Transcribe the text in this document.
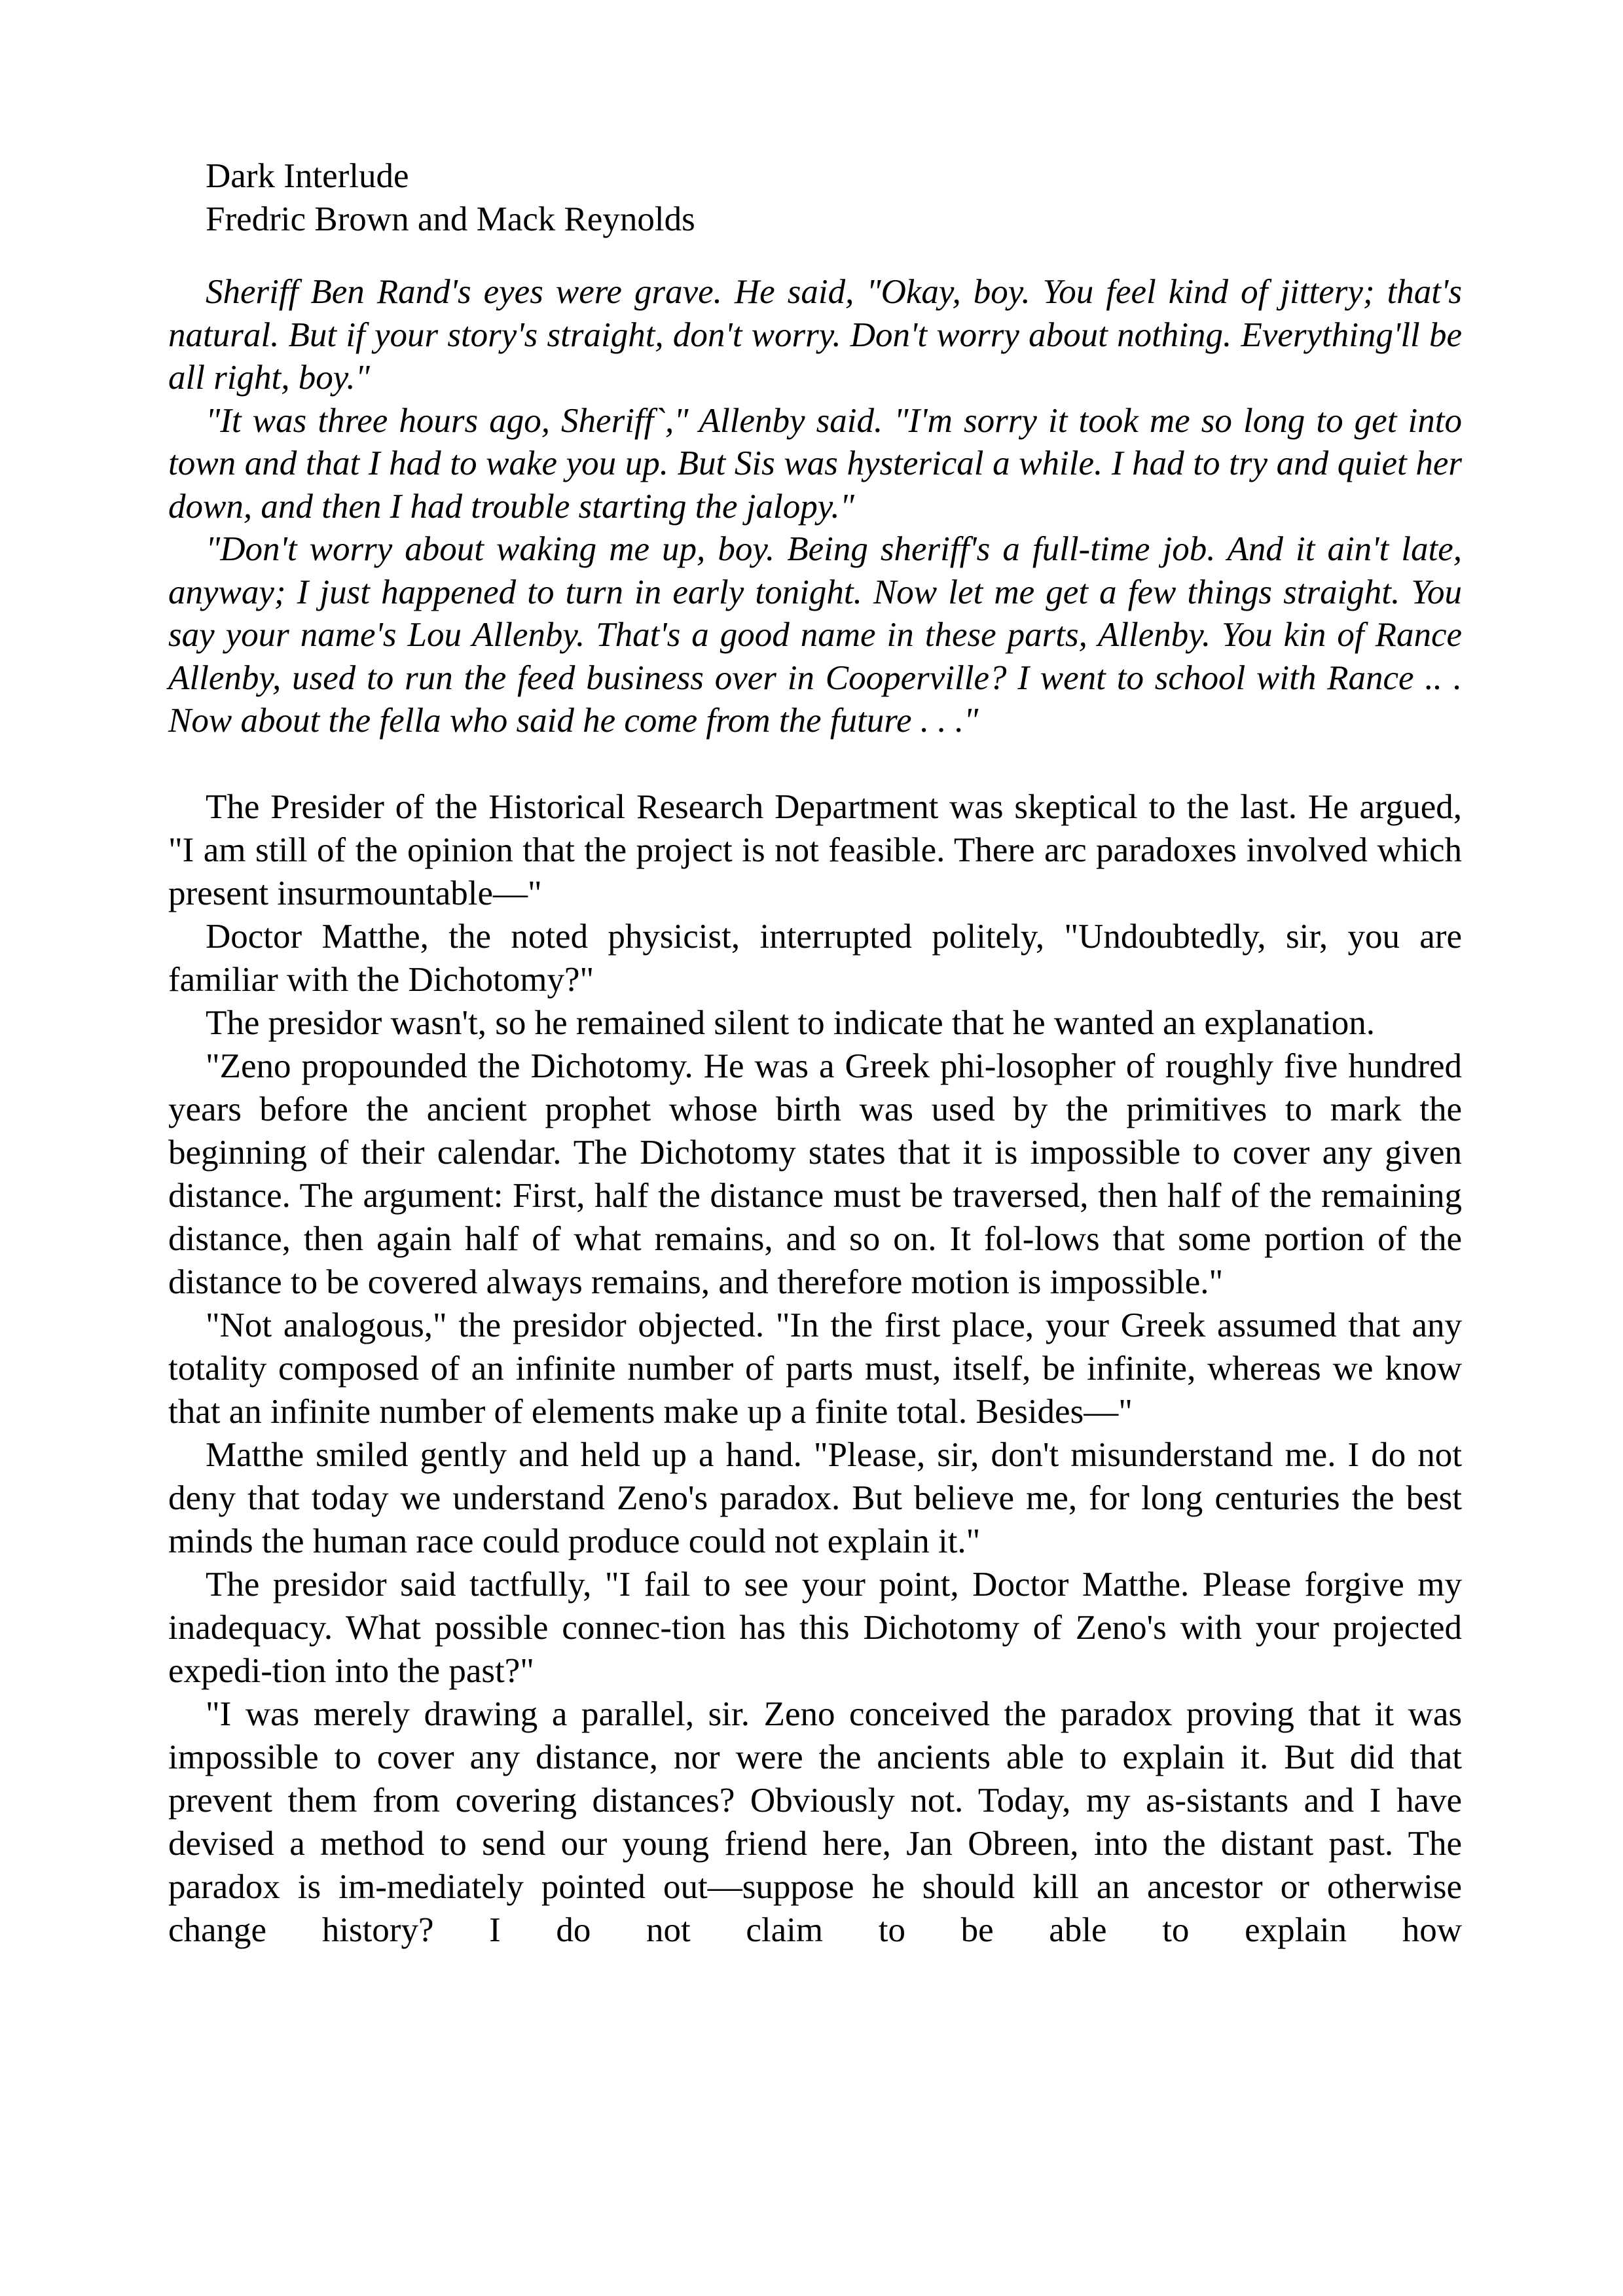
Dark Interlude
Fredric Brown and Mack Reynolds

Sheriff Ben Rand's eyes were grave. He said, "Okay, boy. You feel kind of jittery; that's natural. But if your story's straight, don't worry. Don't worry about nothing. Everything'll be all right, boy."

"It was three hours ago, Sheriff`," Allenby said. "I'm sorry it took me so long to get into town and that I had to wake you up. But Sis was hysterical a while. I had to try and quiet her down, and then I had trouble starting the jalopy."

"Don't worry about waking me up, boy. Being sheriff's a full-time job. And it ain't late, anyway; I just happened to turn in early tonight. Now let me get a few things straight. You say your name's Lou Allenby. That's a good name in these parts, Allenby. You kin of Rance Allenby, used to run the feed business over in Cooperville? I went to school with Rance .. . Now about the fella who said he come from the future . . ."

The Presider of the Historical Research Department was skeptical to the last. He argued, "I am still of the opinion that the project is not feasible. There arc paradoxes involved which present insurmountable—"

Doctor Matthe, the noted physicist, interrupted politely, "Undoubtedly, sir, you are familiar with the Dichotomy?"

The presidor wasn't, so he remained silent to indicate that he wanted an explanation.

"Zeno propounded the Dichotomy. He was a Greek phi-losopher of roughly five hundred years before the ancient prophet whose birth was used by the primitives to mark the beginning of their calendar. The Dichotomy states that it is impossible to cover any given distance. The argument: First, half the distance must be traversed, then half of the remaining distance, then again half of what remains, and so on. It fol-lows that some portion of the distance to be covered always remains, and therefore motion is impossible."

"Not analogous," the presidor objected. "In the first place, your Greek assumed that any totality composed of an infinite number of parts must, itself, be infinite, whereas we know that an infinite number of elements make up a finite total. Besides—"

Matthe smiled gently and held up a hand. "Please, sir, don't misunderstand me. I do not deny that today we understand Zeno's paradox. But believe me, for long centuries the best minds the human race could produce could not explain it."

The presidor said tactfully, "I fail to see your point, Doctor Matthe. Please forgive my inadequacy. What possible connec-tion has this Dichotomy of Zeno's with your projected expedi-tion into the past?"

"I was merely drawing a parallel, sir. Zeno conceived the paradox proving that it was impossible to cover any distance, nor were the ancients able to explain it. But did that prevent them from covering distances? Obviously not. Today, my as-sistants and I have devised a method to send our young friend here, Jan Obreen, into the distant past. The paradox is im-mediately pointed out—suppose he should kill an ancestor or otherwise change history? I do not claim to be able to explain how
